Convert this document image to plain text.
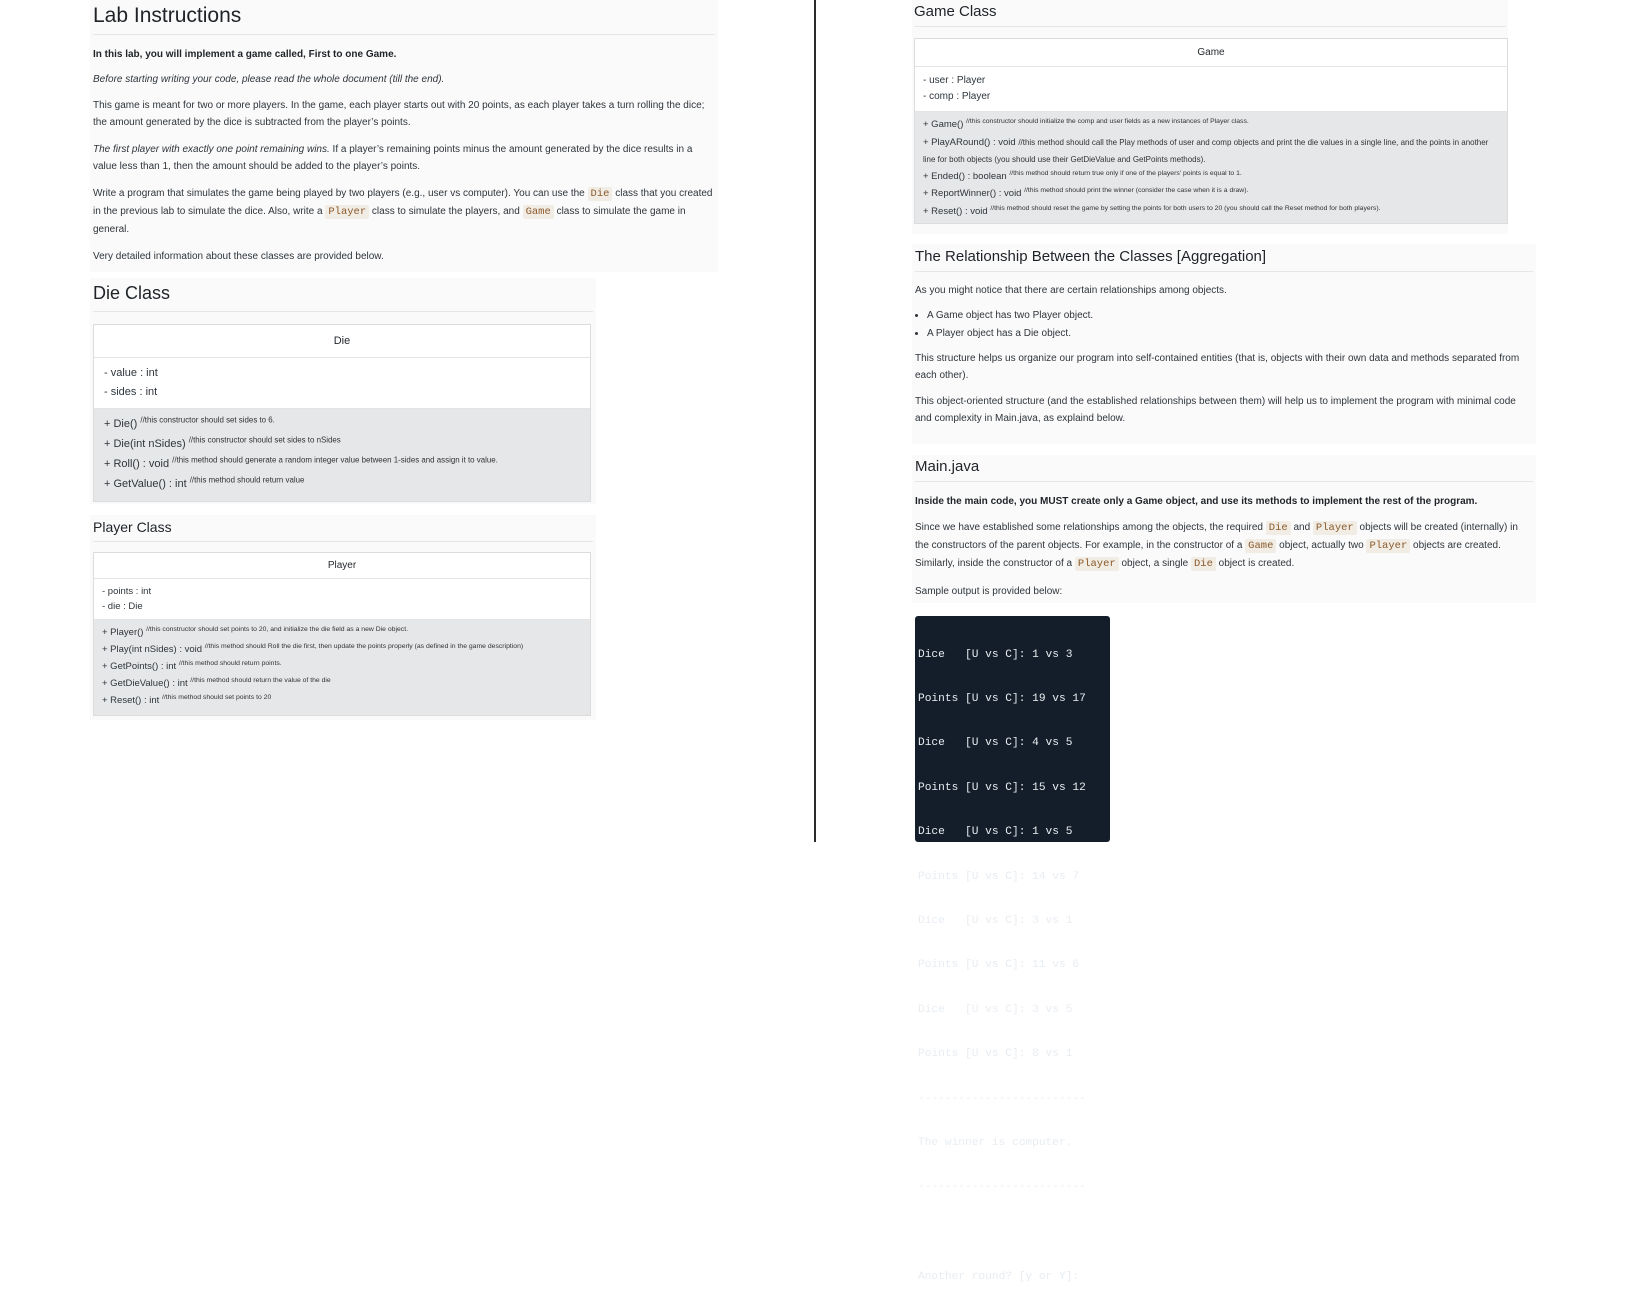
Lab Instructions

In this lab, you will implement a game called, First to one Game.

Before starting writing your code, please read the whole document (till the end).

This game is meant for two or more players. In the game, each player starts out with 20 points, as each player takes a turn rolling the dice; the amount generated by the dice is subtracted from the player’s points.

The first player with exactly one point remaining wins. If a player’s remaining points minus the amount generated by the dice results in a value less than 1, then the amount should be added to the player’s points.

Write a program that simulates the game being played by two players (e.g., user vs computer). You can use the Die class that you created in the previous lab to simulate the dice. Also, write a Player class to simulate the players, and Game class to simulate the game in general.

Very detailed information about these classes are provided below.

Die Class
Die
- value : int
- sides : int
+ Die() $^{//this constructor should set sides to 6.}$
+ Die(int nSides) $^{//this constructor should set sides to nSides}$
+ Roll() : void $^{//this method should generate a random integer value between 1-sides and assign it to value.}$
+ GetValue() : int $^{//this method should return value}$
Player Class
Player
- points : int
- die : Die
+ Player() $^{//this constructor should set points to 20, and initialize the die field as a new Die object.}$
+ Play(int nSides) : void $^{//this method should Roll the die first, then update the points properly (as defined in the game description)}$
+ GetPoints() : int $^{//this method should return points.}$
+ GetDieValue() : int $^{//this method should return the value of the die}$
+ Reset() : int $^{//this method should set points to 20}$
Game Class
Game
- user : Player
- comp : Player
+ Game() $^{//this constructor should initialize the comp and user fields as a new instances of Player class.}$
+ PlayARound() : void //this method should call the Play methods of user and comp objects and print the die values in a single line, and the points in another line for both objects (you should use their GetDieValue and GetPoints methods).
+ Ended() : boolean $^{//this method should return true only if one of the players' points is equal to 1.}$
+ ReportWinner() : void $^{//this method should print the winner (consider the case when it is a draw).}$
+ Reset() : void $^{//this method should reset the game by setting the points for both users to 20 (you should call the Reset method for both players).}$
The Relationship Between the Classes [Aggregation]

As you might notice that there are certain relationships among objects.

• A Game object has two Player object.
• A Player object has a Die object.

This structure helps us organize our program into self-contained entities (that is, objects with their own data and methods separated from each other).

This object-oriented structure (and the established relationships between them) will help us to implement the program with minimal code and complexity in Main.java, as explaind below.

Main.java

Inside the main code, you MUST create only a Game object, and use its methods to implement the rest of the program.

Since we have established some relationships among the objects, the required Die and Player objects will be created (internally) in the constructors of the parent objects. For example, in the constructor of a Game object, actually two Player objects are created. Similarly, inside the constructor of a Player object, a single Die object is created.

Sample output is provided below:

Dice   [U vs C]: 1 vs 3

Points [U vs C]: 19 vs 17

Dice   [U vs C]: 4 vs 5

Points [U vs C]: 15 vs 12

Dice   [U vs C]: 1 vs 5

Points [U vs C]: 14 vs 7

Dice   [U vs C]: 3 vs 1

Points [U vs C]: 11 vs 6

Dice   [U vs C]: 3 vs 5

Points [U vs C]: 8 vs 1

-------------------------

The winner is computer.

-------------------------

Another round? [y or Y]:
